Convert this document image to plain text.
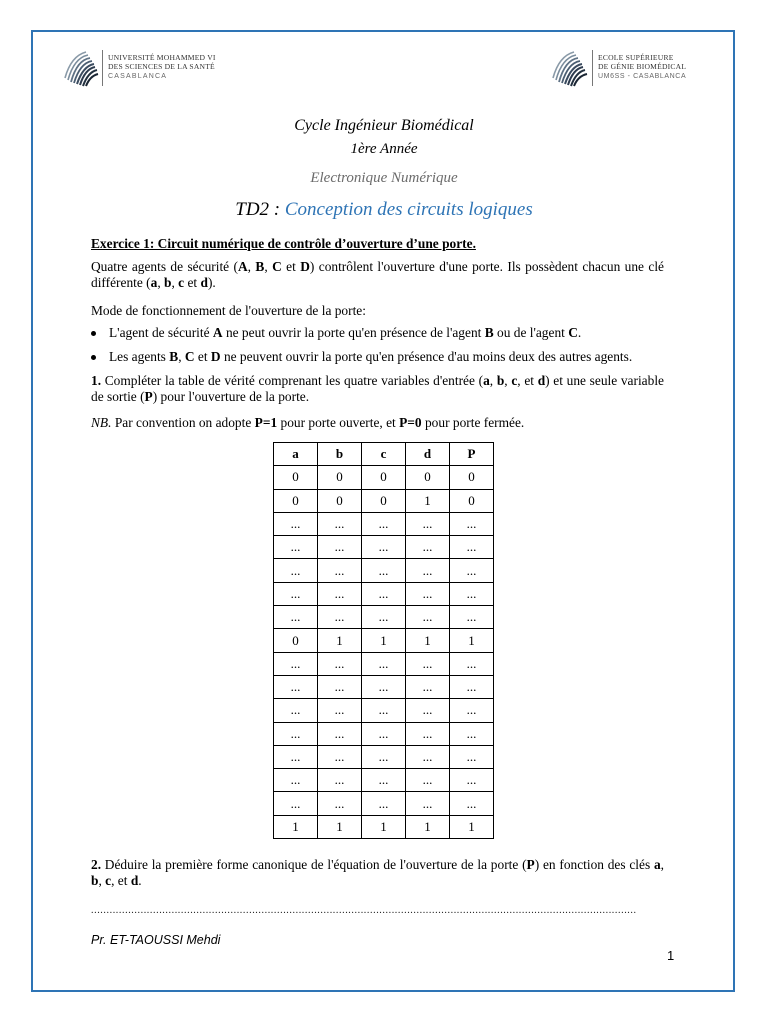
UNIVERSITÉ MOHAMMED VI
DES SCIENCES DE LA SANTÉ
CASABLANCA
ECOLE SUPÉRIEURE
DE GÉNIE BIOMÉDICAL
UM6SS - CASABLANCA
Cycle Ingénieur Biomédical
1ère Année
Electronique Numérique
TD2 : Conception des circuits logiques
Exercice 1: Circuit numérique de contrôle d’ouverture d’une porte.
Quatre agents de sécurité (A, B, C et D) contrôlent l'ouverture d'une porte. Ils possèdent chacun une clé différente (a, b, c et d).
Mode de fonctionnement de l'ouverture de la porte:
L'agent de sécurité A ne peut ouvrir la porte qu'en présence de l'agent B ou de l'agent C.
Les agents B, C et D ne peuvent ouvrir la porte qu'en présence d'au moins deux des autres agents.
1. Compléter la table de vérité comprenant les quatre variables d'entrée (a, b, c, et d) et une seule variable de sortie (P) pour l'ouverture de la porte.
NB. Par convention on adopte P=1 pour porte ouverte, et P=0 pour porte fermée.
a	b	c	d	P
0	0	0	0	0
0	0	0	1	0
...	...	...	...	...
...	...	...	...	...
...	...	...	...	...
...	...	...	...	...
...	...	...	...	...
0	1	1	1	1
...	...	...	...	...
...	...	...	...	...
...	...	...	...	...
...	...	...	...	...
...	...	...	...	...
...	...	...	...	...
...	...	...	...	...
1	1	1	1	1
2. Déduire la première forme canonique de l'équation de l'ouverture de la porte (P) en fonction des clés a, b, c, et d.
................................................................................................................................................................................
Pr. ET-TAOUSSI Mehdi
1
